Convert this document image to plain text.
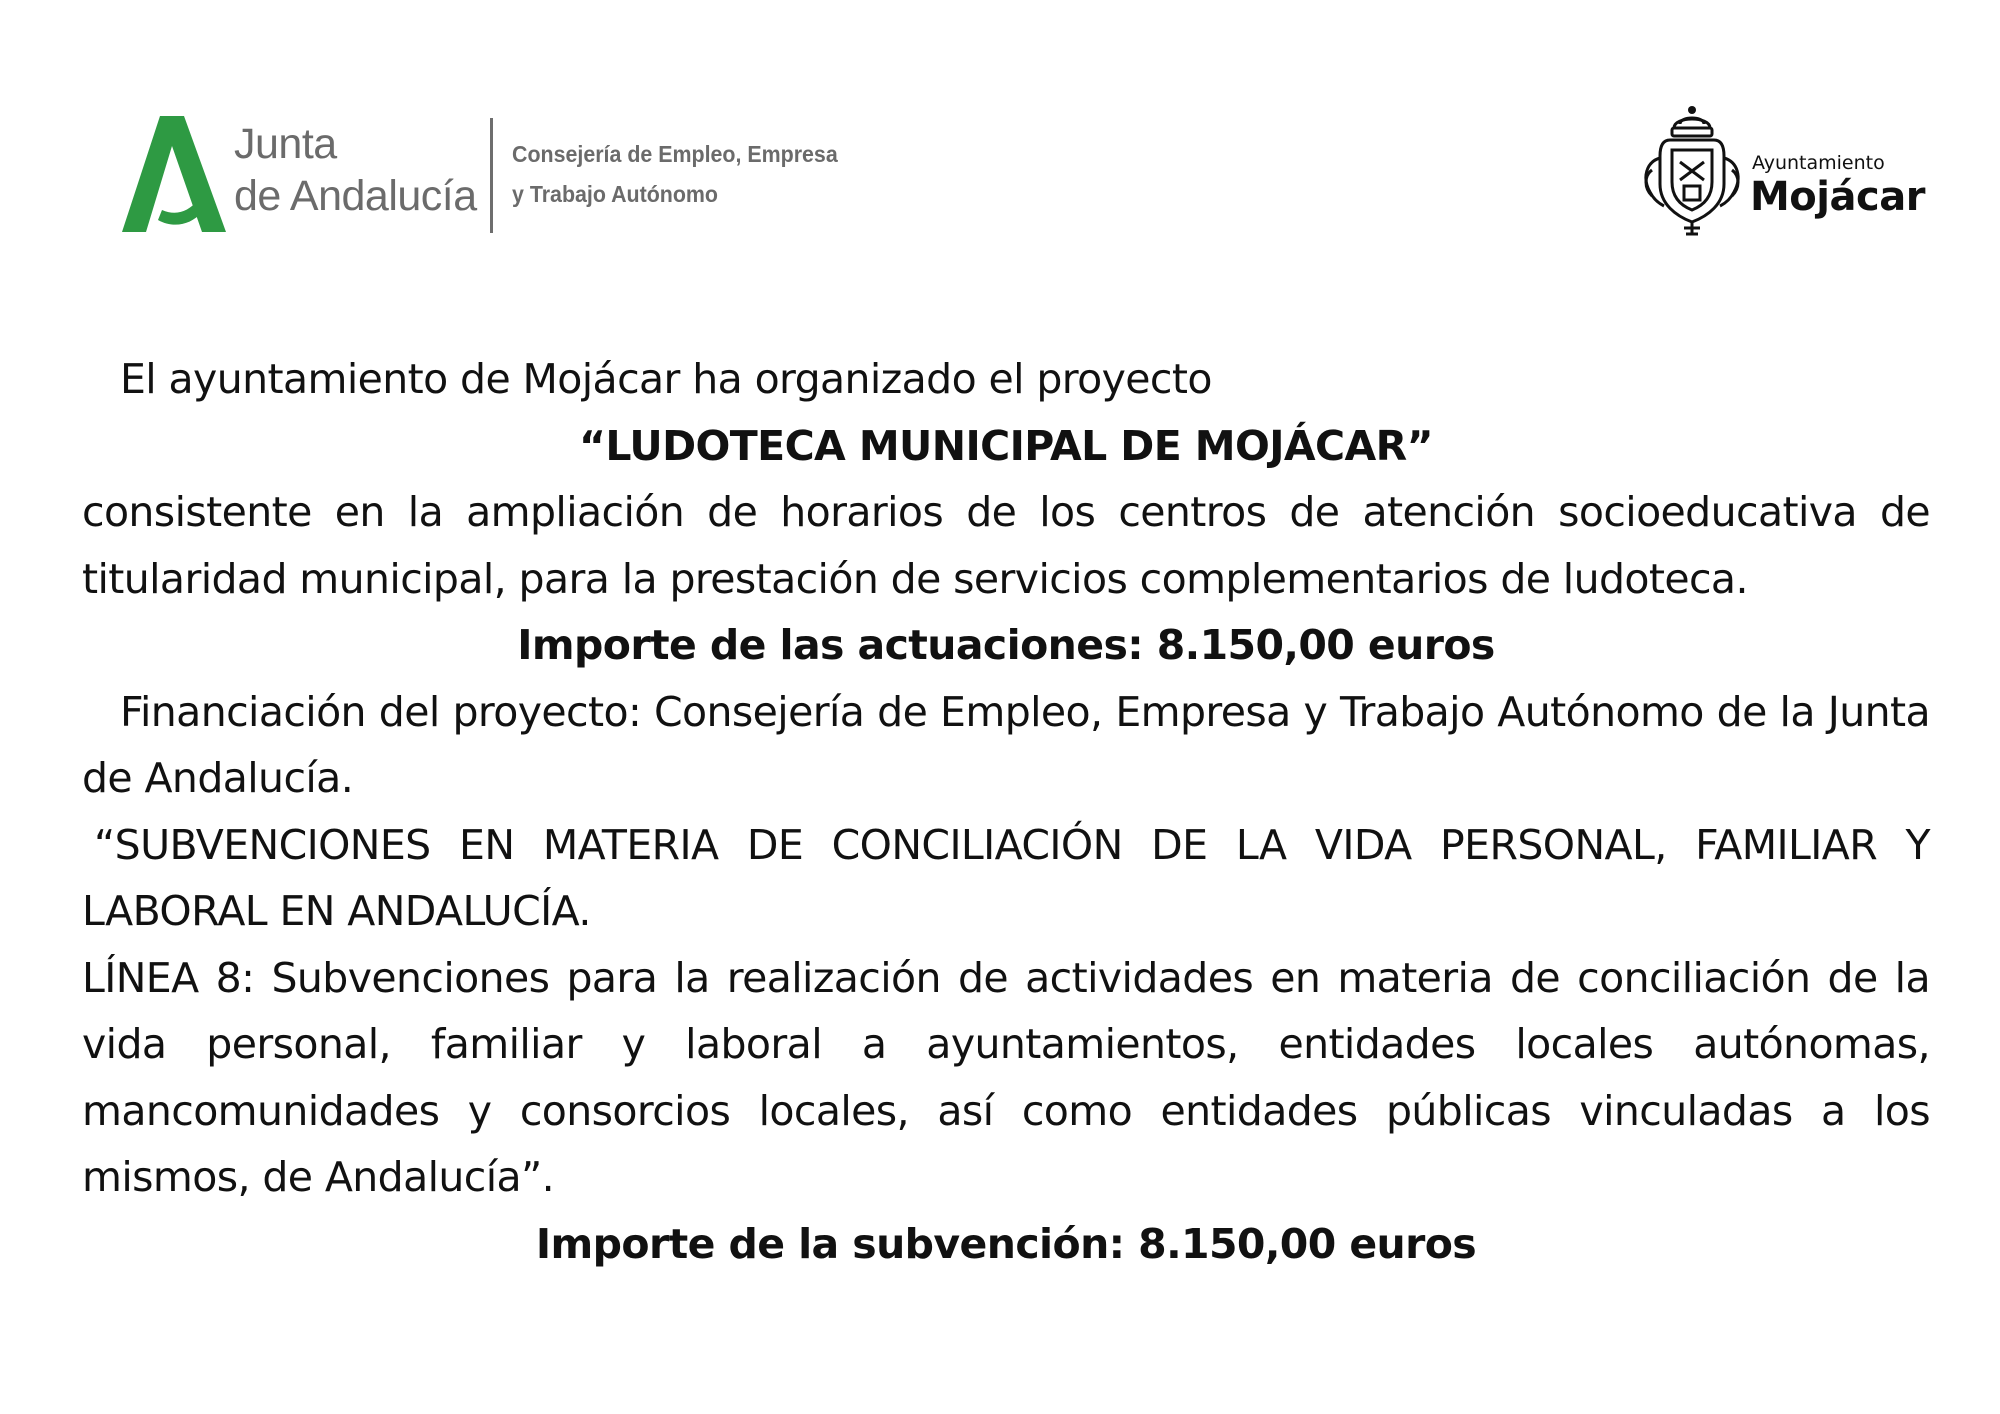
Junta
de Andalucía
Consejería de Empleo, Empresa
y Trabajo Autónomo
Ayuntamiento
Mojácar

El ayuntamiento de Mojácar ha organizado el proyecto

“LUDOTECA MUNICIPAL DE MOJÁCAR”

consistente en la ampliación de horarios de los centros de atención socioeducativa de titularidad municipal, para la prestación de servicios complementarios de ludoteca.

Importe de las actuaciones: 8.150,00 euros

Financiación del proyecto: Consejería de Empleo, Empresa y Trabajo Autónomo de la Junta de Andalucía.

“SUBVENCIONES EN MATERIA DE CONCILIACIÓN DE LA VIDA PERSONAL, FAMILIAR Y LABORAL EN ANDALUCÍA.

LÍNEA 8: Subvenciones para la realización de actividades en materia de conciliación de la vida personal, familiar y laboral a ayuntamientos, entidades locales autónomas, mancomunidades y consorcios locales, así como entidades públicas vinculadas a los mismos, de Andalucía”.

Importe de la subvención: 8.150,00 euros
